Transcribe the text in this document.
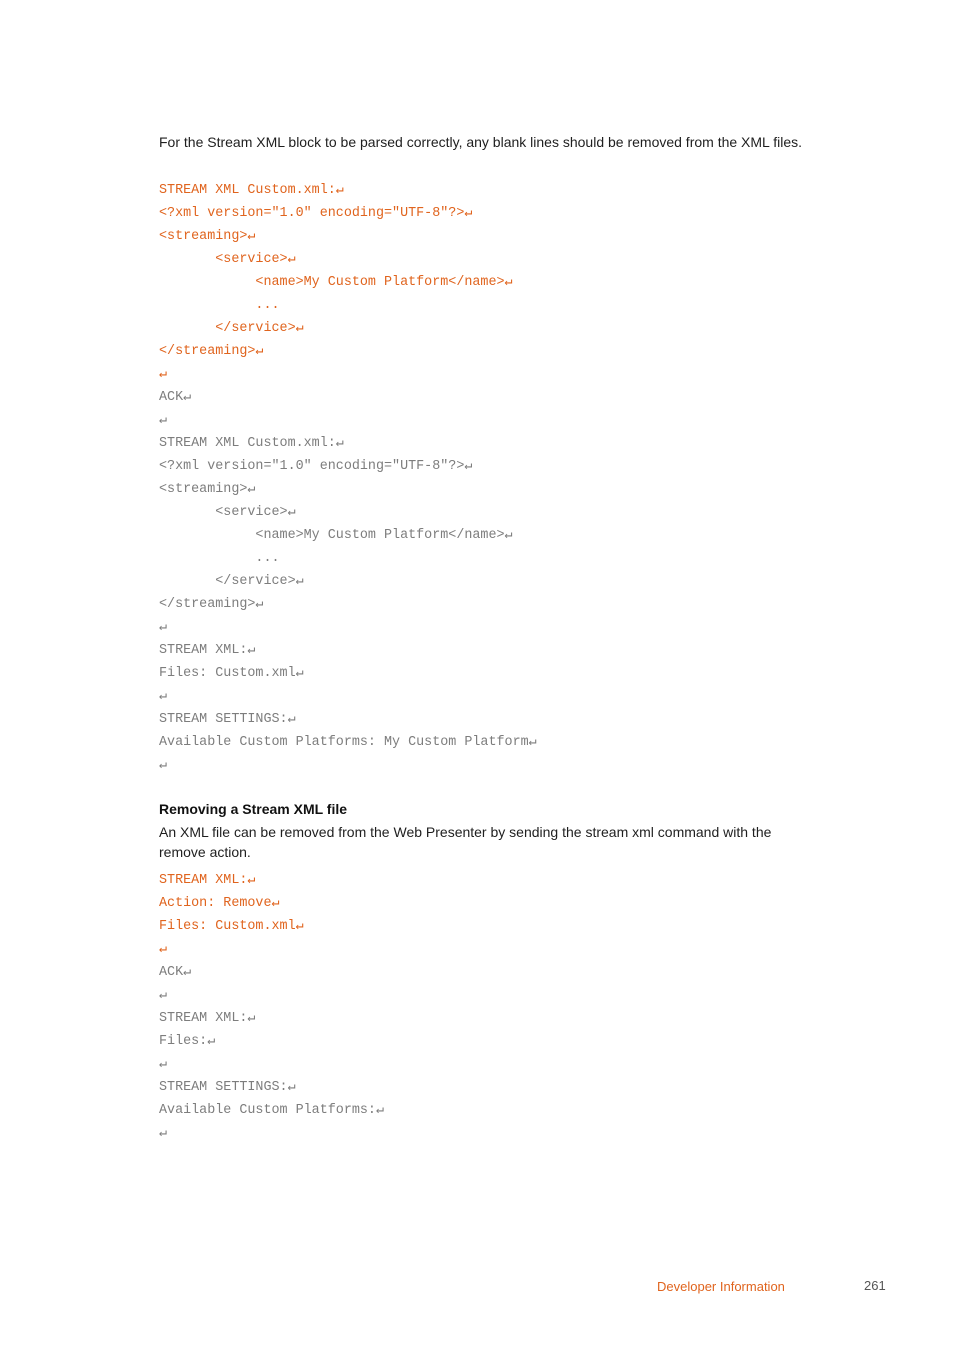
For the Stream XML block to be parsed correctly, any blank lines should be removed from the XML files.

STREAM XML Custom.xml:↵
<?xml version="1.0" encoding="UTF-8"?>↵
<streaming>↵
<service>↵
<name>My Custom Platform</name>↵
...
</service>↵
</streaming>↵
↵
ACK↵
↵
STREAM XML Custom.xml:↵
<?xml version="1.0" encoding="UTF-8"?>↵
<streaming>↵
<service>↵
<name>My Custom Platform</name>↵
...
</service>↵
</streaming>↵
↵
STREAM XML:↵
Files: Custom.xml↵
↵
STREAM SETTINGS:↵
Available Custom Platforms: My Custom Platform↵
↵
Removing a Stream XML file

An XML file can be removed from the Web Presenter by sending the stream xml command with the remove action.

STREAM XML:↵
Action: Remove↵
Files: Custom.xml↵
↵
ACK↵
↵
STREAM XML:↵
Files:↵
↵
STREAM SETTINGS:↵
Available Custom Platforms:↵
↵
Developer Information	261
